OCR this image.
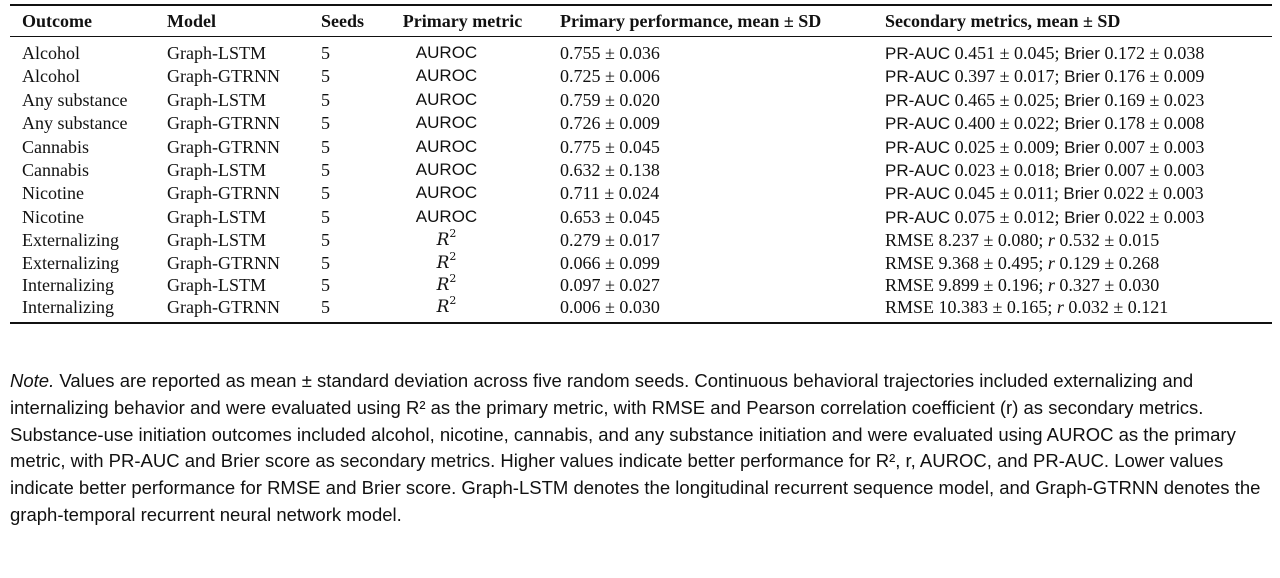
Outcome	Model	Seeds	Primary metric	Primary performance, mean ± SD	Secondary metrics, mean ± SD
Alcohol	Graph-LSTM	5	AUROC	0.755 ± 0.036	PR-AUC 0.451 ± 0.045; Brier 0.172 ± 0.038
Alcohol	Graph-GTRNN	5	AUROC	0.725 ± 0.006	PR-AUC 0.397 ± 0.017; Brier 0.176 ± 0.009
Any substance	Graph-LSTM	5	AUROC	0.759 ± 0.020	PR-AUC 0.465 ± 0.025; Brier 0.169 ± 0.023
Any substance	Graph-GTRNN	5	AUROC	0.726 ± 0.009	PR-AUC 0.400 ± 0.022; Brier 0.178 ± 0.008
Cannabis	Graph-GTRNN	5	AUROC	0.775 ± 0.045	PR-AUC 0.025 ± 0.009; Brier 0.007 ± 0.003
Cannabis	Graph-LSTM	5	AUROC	0.632 ± 0.138	PR-AUC 0.023 ± 0.018; Brier 0.007 ± 0.003
Nicotine	Graph-GTRNN	5	AUROC	0.711 ± 0.024	PR-AUC 0.045 ± 0.011; Brier 0.022 ± 0.003
Nicotine	Graph-LSTM	5	AUROC	0.653 ± 0.045	PR-AUC 0.075 ± 0.012; Brier 0.022 ± 0.003
Externalizing	Graph-LSTM	5	$R^2$	0.279 ± 0.017	RMSE 8.237 ± 0.080; r 0.532 ± 0.015
Externalizing	Graph-GTRNN	5	$R^2$	0.066 ± 0.099	RMSE 9.368 ± 0.495; r 0.129 ± 0.268
Internalizing	Graph-LSTM	5	$R^2$	0.097 ± 0.027	RMSE 9.899 ± 0.196; r 0.327 ± 0.030
Internalizing	Graph-GTRNN	5	$R^2$	0.006 ± 0.030	RMSE 10.383 ± 0.165; r 0.032 ± 0.121
Note. Values are reported as mean ± standard deviation across five random seeds. Continuous behavioral trajectories included externalizing and internalizing behavior and were evaluated using R² as the primary metric, with RMSE and Pearson correlation coefficient (r) as secondary metrics. Substance-use initiation outcomes included alcohol, nicotine, cannabis, and any substance initiation and were evaluated using AUROC as the primary metric, with PR-AUC and Brier score as secondary metrics. Higher values indicate better performance for R², r, AUROC, and PR-AUC. Lower values indicate better performance for RMSE and Brier score. Graph-LSTM denotes the longitudinal recurrent sequence model, and Graph-GTRNN denotes the graph-temporal recurrent neural network model.
